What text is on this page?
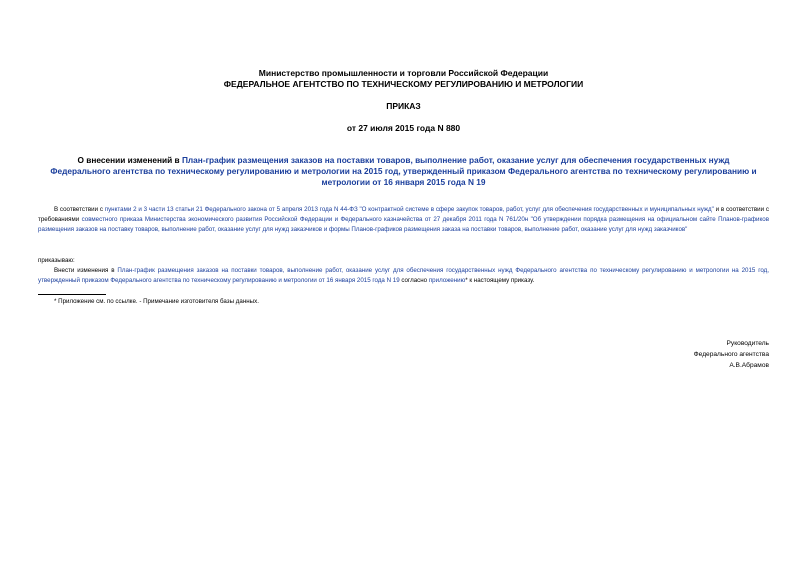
Министерство промышленности и торговли Российской Федерации
ФЕДЕРАЛЬНОЕ АГЕНТСТВО ПО ТЕХНИЧЕСКОМУ РЕГУЛИРОВАНИЮ И МЕТРОЛОГИИ
ПРИКАЗ
от 27 июля 2015 года N 880
О внесении изменений в План-график размещения заказов на поставки товаров, выполнение работ, оказание услуг для обеспечения государственных нужд Федерального агентства по техническому регулированию и метрологии на 2015 год, утвержденный приказом Федерального агентства по техническому регулированию и метрологии от 16 января 2015 года N 19
В соответствии с пунктами 2 и 3 части 13 статьи 21 Федерального закона от 5 апреля 2013 года N 44-ФЗ "О контрактной системе в сфере закупок товаров, работ, услуг для обеспечения государственных и муниципальных нужд" и в соответствии с требованиями совместного приказа Министерства экономического развития Российской Федерации и Федерального казначейства от 27 декабря 2011 года N 761/20н "Об утверждении порядка размещения на официальном сайте Планов-графиков размещения заказов на поставку товаров, выполнение работ, оказание услуг для нужд заказчиков и формы Планов-графиков размещения заказа на поставки товаров, выполнение работ, оказание услуг для нужд заказчиков"
приказываю:
Внести изменения в План-график размещения заказов на поставки товаров, выполнение работ, оказание услуг для обеспечения государственных нужд Федерального агентства по техническому регулированию и метрологии на 2015 год, утвержденный приказом Федерального агентства по техническому регулированию и метрологии от 16 января 2015 года N 19 согласно приложению* к настоящему приказу.
* Приложение см. по ссылке. - Примечание изготовителя базы данных.
Руководитель
Федерального агентства
А.В.Абрамов
